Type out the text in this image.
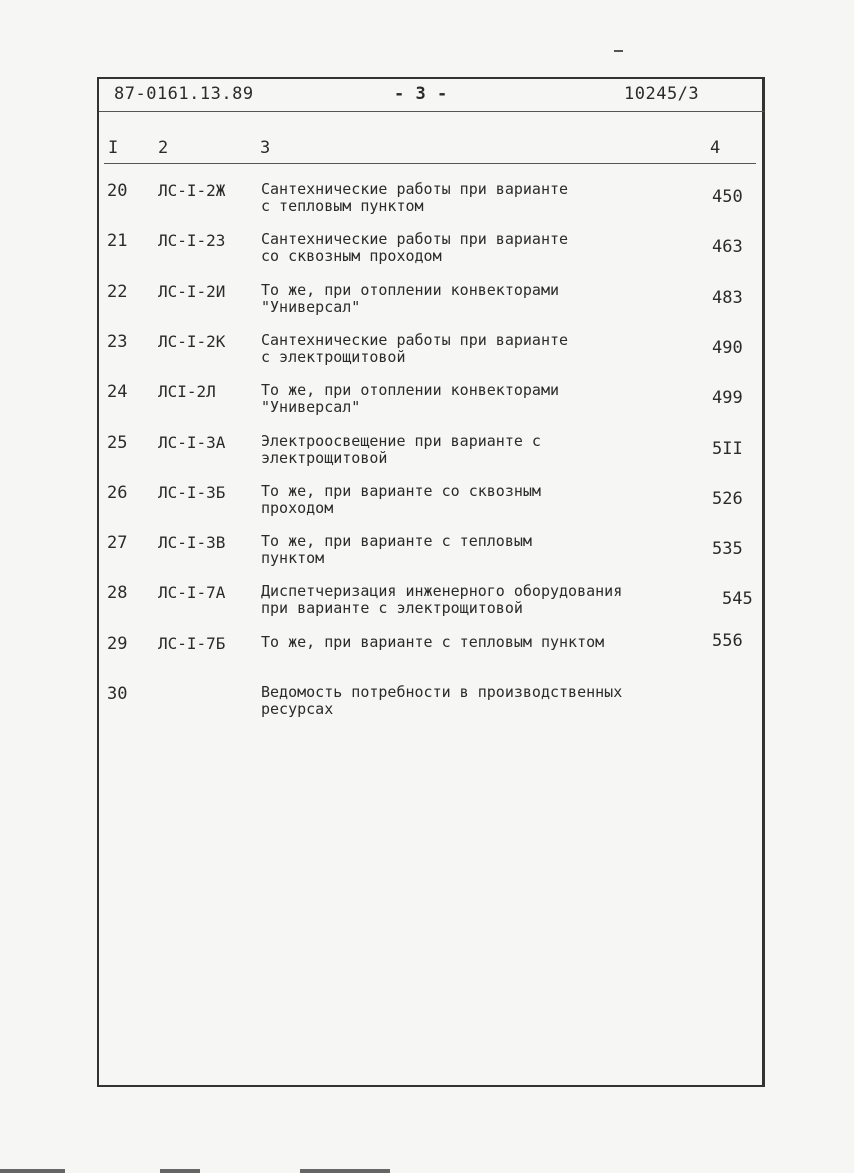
87-0161.13.89	- 3 -	10245/3
I 2	3	4
20 ЛС-I-2Ж Сантехнические работы при варианте
с тепловым пунктом	450
21 ЛС-I-2З Сантехнические работы при варианте
со сквозным проходом	463
22 ЛС-I-2И То же, при отоплении конвекторами
"Универсал"	483
23 ЛС-I-2К Сантехнические работы при варианте
с электрощитовой	490
24 ЛСI-2Л	То же, при отоплении конвекторами
"Универсал"	499
25 ЛС-I-3А Электроосвещение при варианте с
электрощитовой	5II
26 ЛС-I-3Б То же, при варианте со сквозным
проходом	526
27 ЛС-I-3В То же, при варианте с тепловым
пунктом	535
28 ЛС-I-7А Диспетчеризация инженерного оборудования
при варианте с электрощитовой	545
29 ЛС-I-7Б То же, при варианте с тепловым пунктом	556
30	Ведомость потребности в производственных
ресурсах
